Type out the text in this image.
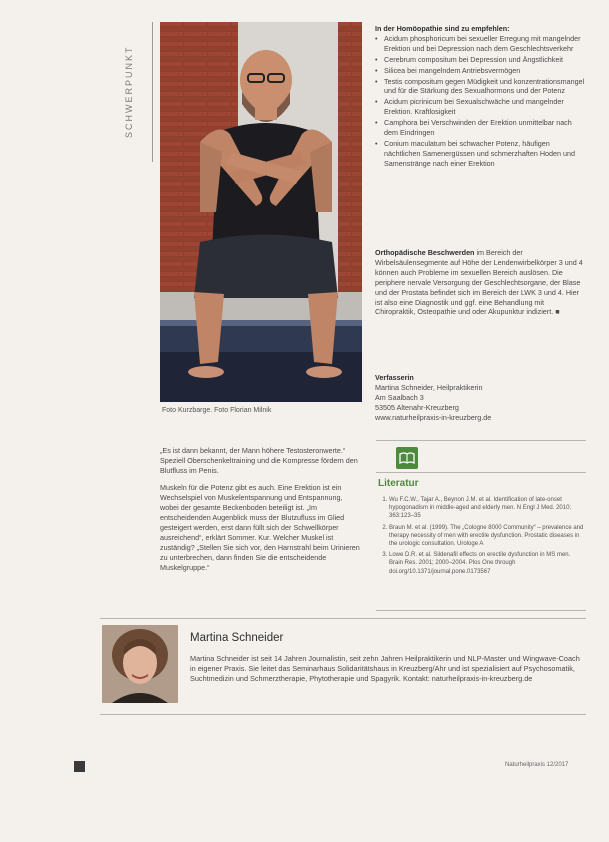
SCHWERPUNKT
Foto Kurzbarge. Foto Florian Milnik
In der Homöopathie sind zu empfehlen:
• Acidum phosphoricum bei sexueller Erregung mit mangelnder Erektion und bei Depression nach dem Geschlechtsverkehr
• Cerebrum compositum bei Depression und Ängstlichkeit
• Silicea bei mangelndem Antriebsvermögen
• Testis compositum gegen Müdigkeit und konzentrationsmangel und für die Stärkung des Sexualhormons und der Potenz
• Acidum picrinicum bei Sexualschwäche und mangelnder Erektion. Kraftlosigkeit
• Camphora bei Verschwinden der Erektion unmittelbar nach dem Eindringen
• Conium maculatum bei schwacher Potenz, häufigen nächtlichen Samenergüssen und schmerzhaften Hoden und Samenstränge nach einer Erektion
Orthopädische Beschwerden im Bereich der Wirbelsäulensegmente auf Höhe der Lendenwirbelkörper 3 und 4 können auch Probleme im sexuellen Bereich auslösen. Die periphere nervale Versorgung der Geschlechtsorgane, der Blase und der Prostata befindet sich im Bereich der LWK 3 und 4. Hier ist also eine Diagnostik und ggf. eine Behandlung mit Chiropraktik, Osteopathie und oder Akupunktur indiziert. ■
Verfasserin
Martina Schneider, Heilpraktikerin
Am Saalbach 3
53505 Altenahr-Kreuzberg
www.naturheilpraxis-in-kreuzberg.de

„Es ist dann bekannt, der Mann höhere Testosteronwerte.“ Speziell Oberschenkeltraining und die Kompresse fördern den Blutfluss im Penis.

Muskeln für die Potenz gibt es auch. Eine Erektion ist ein Wechselspiel von Muskelentspannung und Entspannung, wobei der gesamte Beckenboden beteiligt ist. „Im entscheidenden Augenblick muss der Blutzufluss im Glied gesteigert werden, erst dann füllt sich der Schwellkörper ausreichend“, erklärt Sommer. Kur. Welcher Muskel ist zuständig? „Stellen Sie sich vor, den Harnstrahl beim Urinieren zu unterbrechen, dann finden Sie die entscheidende Muskelgruppe.“

Literatur
1. Wu F.C.W., Tajar A., Beynon J.M. et al. Identification of late-onset hypogonadism in middle-aged and elderly men. N Engl J Med. 2010; 363:123–35
2. Braun M. et al. (1999). The „Cologne 8000 Community“ – prevalence and therapy necessity of men with erectile dysfunction. Prostatic diseases in the urologic consultation. Urologe A
3. Lowe D.R. et al. Sildenafil effects on erectile dysfunction in MS men. Brain Res. 2001; 2000–2004. Plos One through doi.org/10.1371/journal.pone.0173567
Martina Schneider
Martina Schneider ist seit 14 Jahren Journalistin, seit zehn Jahren Heilpraktikerin und NLP-Master und Wingwave-Coach in eigener Praxis. Sie leitet das Seminarhaus Solidaritätshaus in Kreuzberg/Ahr und ist spezialisiert auf Psychosomatik, Suchtmedizin und Schmerztherapie, Phytotherapie und Spagyrik. Kontakt: naturheilpraxis-in-kreuzberg.de
Naturheilpraxis 12/2017
